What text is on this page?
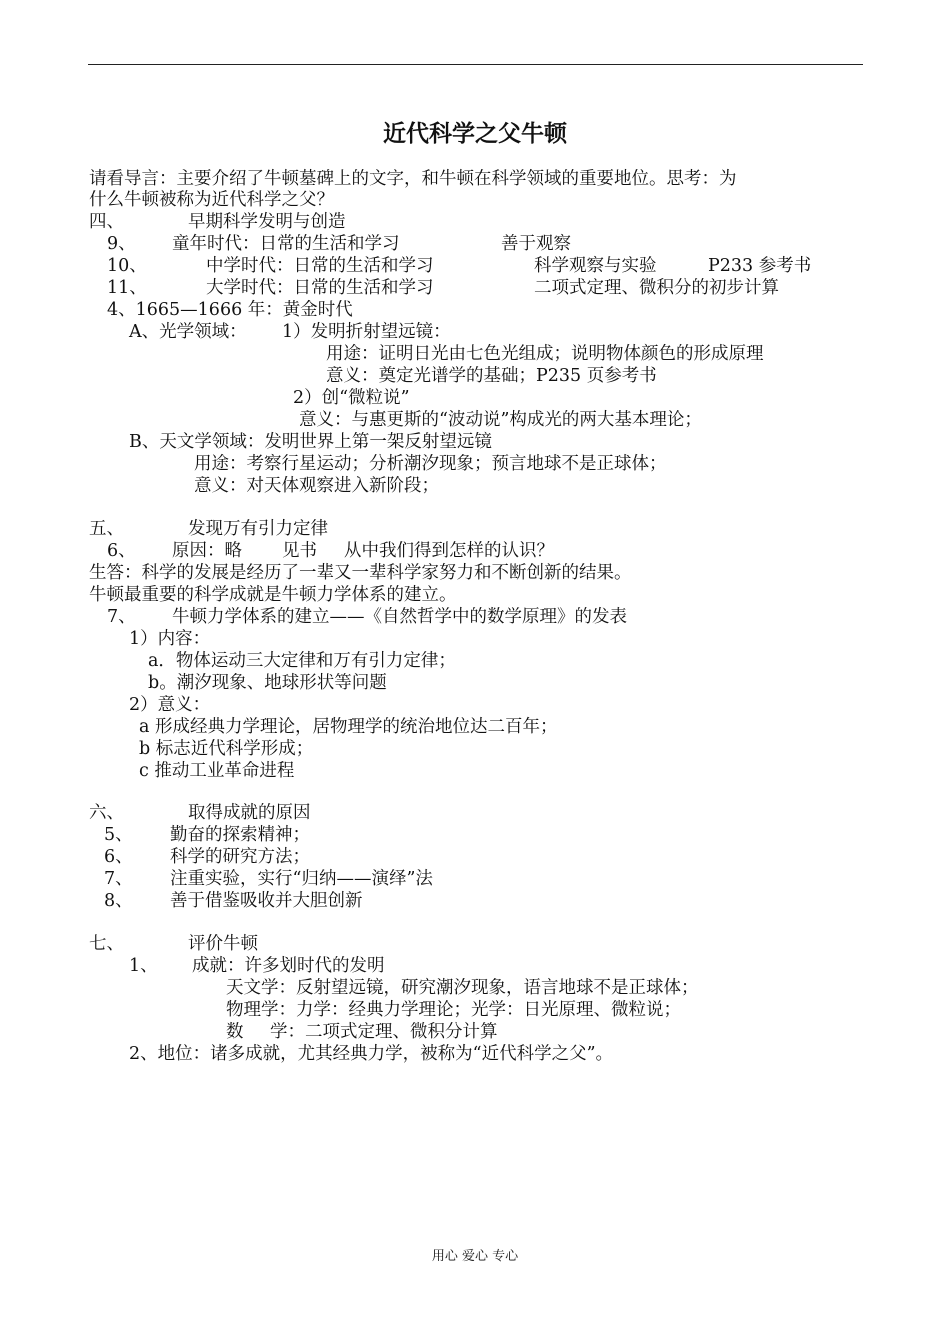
近代科学之父牛顿
请看导言：主要介绍了牛顿墓碑上的文字，和牛顿在科学领域的重要地位。思考：为
什么牛顿被称为近代科学之父？
四、	早期科学发明与创造
9、 童年时代：日常的生活和学习	善于观察
10、	中学时代：日常的生活和学习	科学观察与实验	P233 参考书
11、	大学时代：日常的生活和学习	二项式定理、微积分的初步计算
4、1665—1666 年：黄金时代
A、光学领域： 1）发明折射望远镜：
用途：证明日光由七色光组成；说明物体颜色的形成原理
意义：奠定光谱学的基础；P235 页参考书
2）创“微粒说”
意义：与惠更斯的“波动说”构成光的两大基本理论；
B、天文学领域：发明世界上第一架反射望远镜
用途：考察行星运动；分析潮汐现象；预言地球不是正球体；
意义：对天体观察进入新阶段；
五、	发现万有引力定律
6、 原因：略 见书 从中我们得到怎样的认识？
生答：科学的发展是经历了一辈又一辈科学家努力和不断创新的结果。
牛顿最重要的科学成就是牛顿力学体系的建立。
7、 牛顿力学体系的建立——《自然哲学中的数学原理》的发表
1）内容：
a．物体运动三大定律和万有引力定律；
b。潮汐现象、地球形状等问题
2）意义：
a 形成经典力学理论，居物理学的统治地位达二百年；
b 标志近代科学形成；
c 推动工业革命进程
六、	取得成就的原因
5、 勤奋的探索精神；
6、 科学的研究方法；
7、 注重实验，实行“归纳——演绎”法
8、 善于借鉴吸收并大胆创新
七、	评价牛顿
1、 成就：许多划时代的发明
天文学：反射望远镜，研究潮汐现象，语言地球不是正球体；
物理学：力学：经典力学理论；光学：日光原理、微粒说；
数 学：二项式定理、微积分计算
2、地位：诸多成就，尤其经典力学，被称为“近代科学之父”。
用心 爱心 专心
